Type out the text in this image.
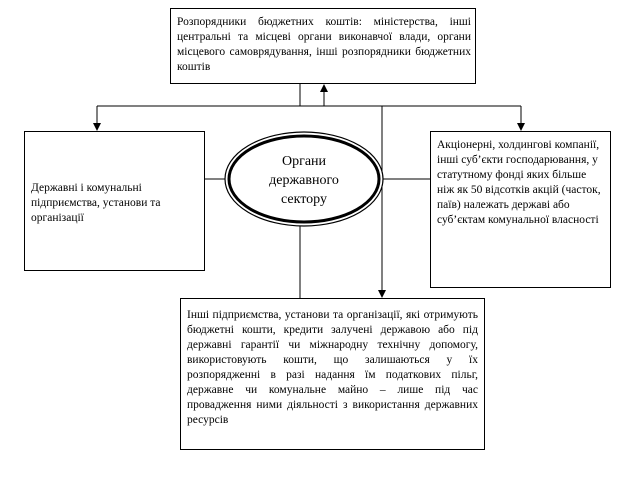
Розпорядники бюджетних коштів: міністерства, інші центральні та місцеві органи виконавчої влади, органи місцевого самоврядування, інші розпорядники бюджетних коштів
Державні і комунальні підприємства, установи та організації
Акціонерні, холдингові компанії, інші суб’єкти господарювання, у статутному фонді яких більше ніж як 50 відсотків акцій (часток, паїв) належать державі або суб’єктам комунальної власності
Інші підприємства, установи та організації, які отримують бюджетні кошти, кредити залучені державою або під державні гарантії чи міжнародну технічну допомогу, використовують кошти, що залишаються у їх розпорядженні в разі надання їм податкових пільг, державне чи комунальне майно – лише під час провадження ними діяльності з використання державних ресурсів
Органи
державного
сектору
